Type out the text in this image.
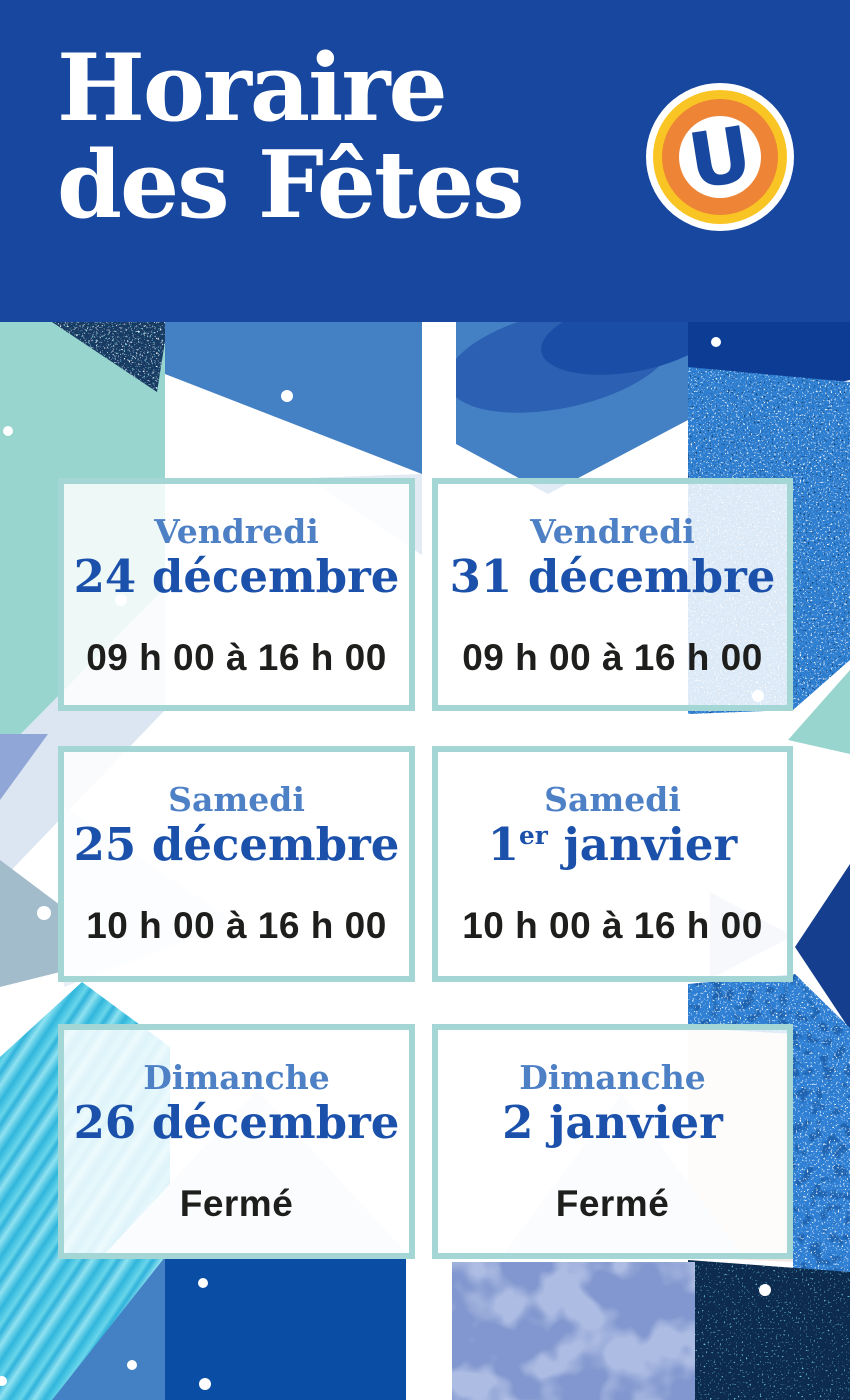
Horaire
des Fêtes U
Vendredi
24 décembre
09 h 00 à 16 h 00
Vendredi
31 décembre
09 h 00 à 16 h 00
Samedi
25 décembre
10 h 00 à 16 h 00
Samedi
1er janvier
10 h 00 à 16 h 00
Dimanche
26 décembre
Fermé
Dimanche
2 janvier
Fermé
